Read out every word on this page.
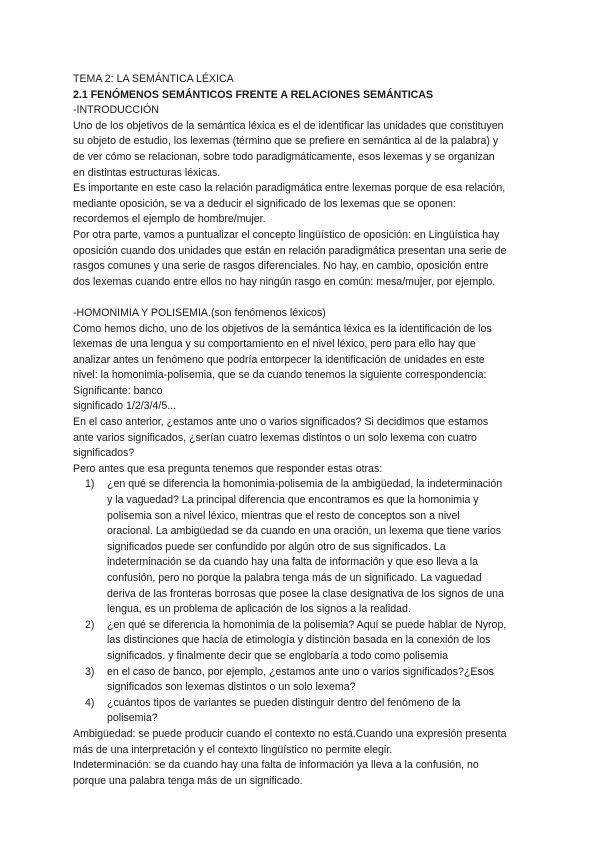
TEMA 2: LA SEMÁNTICA LÉXICA
2.1 FENÓMENOS SEMÁNTICOS FRENTE A RELACIONES SEMÁNTICAS
-INTRODUCCIÓN
Uno de los objetivos de la semántica léxica es el de identificar las unidades que constituyen
su objeto de estudio, los lexemas (término que se prefiere en semántica al de la palabra) y
de ver cómo se relacionan, sobre todo paradigmáticamente, esos lexemas y se organizan
en distintas estructuras léxicas.
Es importante en este caso la relación paradigmática entre lexemas porque de esa relación,
mediante oposición, se va a deducir el significado de los lexemas que se oponen:
recordemos el ejemplo de hombre/mujer.
Por otra parte, vamos a puntualizar el concepto lingüístico de oposición: en Lingüística hay
oposición cuando dos unidades que están en relación paradigmática presentan una serie de
rasgos comunes y una serie de rasgos diferenciales. No hay, en cambio, oposición entre
dos lexemas cuando entre ellos no hay ningún rasgo en común: mesa/mujer, por ejemplo.
-HOMONIMIA Y POLISEMIA.(son fenómenos léxicos)
Como hemos dicho, uno de los objetivos de la semántica léxica es la identificación de los
lexemas de una lengua y su comportamiento en el nivel léxico, pero para ello hay que
analizar antes un fenómeno que podría entorpecer la identificación de unidades en este
nivel: la homonimia-polisemia, que se da cuando tenemos la siguiente correspondencia:
Significante: banco
significado 1/2/3/4/5...
En el caso anterior, ¿estamos ante uno o varios significados? Si decidimos que estamos
ante varios significados, ¿serían cuatro lexemas distintos o un solo lexema con cuatro
significados?
Pero antes que esa pregunta tenemos que responder estas otras:
1) ¿en qué se diferencia la homonimia-polisemia de la ambigüedad, la indeterminación
y la vaguedad? La principal diferencia que encontramos es que la homonimia y
polisemia son a nivel léxico, mientras que el resto de conceptos son a nivel
oracional. La ambigüedad se da cuando en una oración, un lexema que tiene varios
significados puede ser confundido por algún otro de sus significados. La
indeterminación se da cuando hay una falta de información y que eso lleva a la
confusión, pero no porque la palabra tenga más de un significado. La vaguedad
deriva de las fronteras borrosas que posee la clase designativa de los signos de una
lengua, es un problema de aplicación de los signos a la realidad.
2) ¿en qué se diferencia la homonimia de la polisemia? Aquí se puede hablar de Nyrop,
las distinciones que hacía de etimología y distinción basada en la conexión de los
significados. y finalmente decir que se englobaría a todo como polisemia
3) en el caso de banco, por ejemplo, ¿estamos ante uno o varios significados?¿Esos
significados son lexemas distintos o un solo lexema?
4) ¿cuántos tipos de variantes se pueden distinguir dentro del fenómeno de la
polisemia?
Ambigüedad: se puede producir cuando el contexto no está.Cuando una expresión presenta
más de una interpretación y el contexto lingüístico no permite elegir.
Indeterminación: se da cuando hay una falta de información ya lleva a la confusión, no
porque una palabra tenga más de un significado.
